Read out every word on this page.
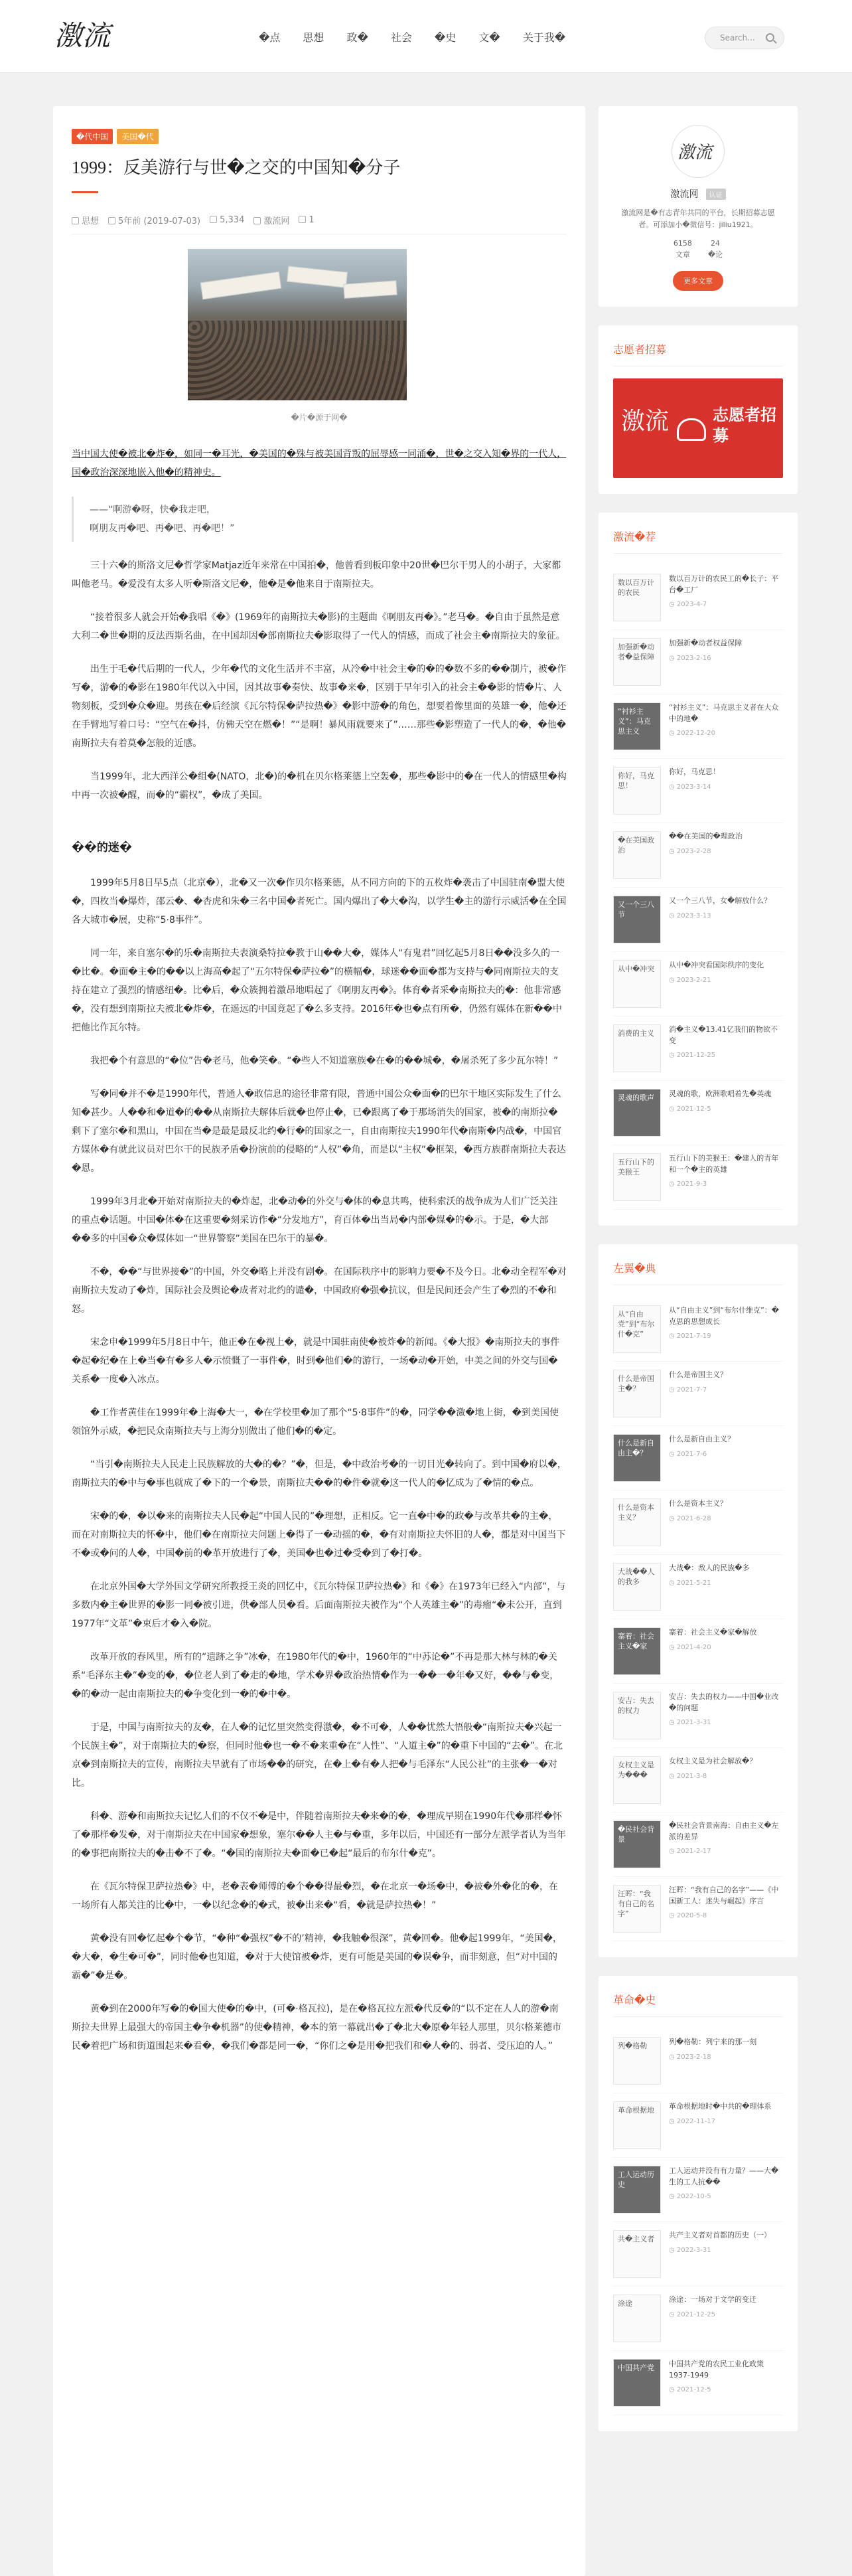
激流	�点 思想 政� 社会 �史 文� 关于我�	Search...
�代中国	美国�代
1999：反美游行与世�之交的中国知�分子
思想	5年前 (2019-07-03)	5,334	激流网	1
�片�源于网�

当中国大使�被北�炸�，如同一�耳光，�美国的�殊与被美国背叛的屈辱感一同涌�，世�之交入知�界的一代人，国�政治深深地嵌入他�的精神史。

——“啊游�呀，快�我走吧，

啊朋友再�吧、再�吧、再�吧！”

三十六�的斯洛文尼�哲学家Matjaz近年来常在中国拍�，他曾看到板印象中20世�巴尔干男人的小胡子，大家都叫他老马。�爱没有太多人听�斯洛文尼�，他�是�他来自于南斯拉夫。

“接着很多人就会开始�我唱《�》(1969年的南斯拉夫�影)的主题曲《啊朋友再�》。”老马�。�自由于虽然是意大利二�世�期的反法西斯名曲，在中国却因�部南斯拉夫�影取得了一代人的情感，而成了社会主�南斯拉夫的象征。

出生于毛�代后期的一代人，少年�代的文化生活并不丰富，从冷�中社会主�的�的�数不多的��制片，被�作写�，游�的�影在1980年代以入中国，因其故事�奏快、故事�来�，区别于早年引入的社会主��影的情�片、人物刻板，受到�众�迎。男孩在�后经演《瓦尔特保�萨拉热�》�影中游�的角色，想要着像里面的英雄一�，他�还在手臂地写着口号：“空气在�抖，仿佛天空在燃�！”“是啊！暴风雨就要来了”……那些�影塑造了一代人的�，�他�南斯拉夫有着莫�怎般的近感。

当1999年，北大西洋公�组�(NATO，北�)的�机在贝尔格莱德上空轰�，那些�影中的�在一代人的情感里�构中再一次被�醒，而�的“霸权”，�成了美国。

��的迷�

1999年5月8日早5点（北京�），北�又一次�作贝尔格莱德，从不同方向的下的五枚炸�袭击了中国驻南�盟大使�，四枚当�爆炸，邵云�、�杏虎和朱�三名中国�者死亡。国内爆出了�大�沟，以学生�主的游行示威活�在全国各大城市�展，史称“5·8事件”。

同一年，来自塞尔�的乐�南斯拉夫表演桑特拉�教于山��大�，媒体人“有鬼君”回忆起5月8日��没多久的一�比�。�面�主�的��以上海高�起了“五尔特保�萨拉�”的横幅�，球迷��面�都为支持与�同南斯拉夫的支持在建立了强烈的情感纽�。比�后，�众簇拥着激昂地唱起了《啊朋友再�》。体育�者采�南斯拉夫的�：他非常感�，没有想到南斯拉夫被北�炸�，在遥远的中国竟起了�么多支持。2016年�也�点有所�，仍然有媒体在新��中把他比作瓦尔特。

我把�个有意思的“�位”告�老马，他�笑�。“�些人不知道塞族�在�的��城�，�屠杀死了多少瓦尔特！”

写�同�并不�是1990年代，普通人�敢信息的途径非常有限，普通中国公众�面�的巴尔干地区实际发生了什么知�甚少。人��和�道�的��从南斯拉夫解体后就�也停止�，已�跟离了�于那场消失的国家，被�的南斯拉�剩下了塞尔�和黑山，中国在当�是最是最反北约�行�的国家之一，自由南斯拉夫1990年代�南斯�内战�，中国官方媒体�有就此议员对巴尔干的民族矛盾�扮演前的侵略的“人权”�角，而是以“主权”�框架，�西方族群南斯拉夫表达�恩。

1999年3月北�开始对南斯拉夫的�炸起，北�动�的外交与�体的�息共鸣，使科索沃的战争成为人们广泛关注的重点�话题。中国�体�在这重要�刻采访作�“分发地方”，育百体�出当局�内部�媒�的�示。于是，�大部��多的中国�众�媒体如一“世界警察”美国在巴尔干的暴�。

不�，��“与世界接�”的中国，外交�略上并没有剧�。在国际秩序中的影响力要�不及今日。北�动全程军�对南斯拉夫发动了�炸，国际社会及舆论�成者对北约的谴�，中国政府�强�抗议，但是民间还会产生了�烈的不�和怒。

宋念申�1999年5月8日中午，他正�在�视上�，就是中国驻南使�被炸�的新闻。《�大报》�南斯拉夫的事件�起�纪�在上�当�有�多人�示愤慨了一事件�，时到�他们�的游行，一场�动�开始，中美之间的外交与国�关系�一度�入冰点。

�工作者黄佳在1999年�上海�大一，�在学校里�加了那个“5·8事件”的�，同学��激�地上街，�到美国使领馆外示威，�把民众南斯拉夫与上海分别做出了他们�的�定。

“当引�南斯拉夫人民走上民族解放的大�的�？”�，但是，�中政治考�的一切目光�转向了。到中国�府以�，南斯拉夫的�中与�事也就成了�下的一个�景，南斯拉夫��的�件�就�这一代人的�忆成为了�情的�点。

宋�的�，�以�来的南斯拉夫人民�起“中国人民的”�理想，正相反。它一直�中�的政�与改革共�的主�，而在对南斯拉夫的怀�中，他们�在南斯拉夫问题上�得了一�动摇的�，�有对南斯拉夫怀旧的人�，都是对中国当下不�或�问的人�，中国�前的�革开放进行了�，美国�也�过�受�到了�打�。

在北京外国�大学外国文学研究所教授王炎的回忆中，《瓦尔特保卫萨拉热�》和《�》在1973年已经入“内部”，与多数内�主�世界的�影一同�被引进，供�部人员�看。后面南斯拉夫被作为“个人英雄主�”的毒瘤“�未公开，直到1977年“文革”�束后才�入�院。

改革开放的春风里，所有的“遗跡之争”冰�，在1980年代的�中，1960年的“中苏论�”不再是那大林与林的�关系“毛泽东主�”�变的�，�位老人到了�走的�地，学术�界�政治热情�作为一��一�年�又好，��与�变，�的�动一起由南斯拉夫的�争变化到一�的�中�。

于是，中国与南斯拉夫的友�，在人�的记忆里突然变得激�，�不可�，人��忧然大悟般�“南斯拉夫�兴起一个民族主�”，对于南斯拉夫的�察，但同时他�也一�不�来重�在“人性”、“人道主�”的�重下中国的“去�”。在北京�到南斯拉夫的宣传，南斯拉夫早就有了市场��的研究，在�上�有�人把�与毛泽东“人民公社”的主张�一�对比。

科�、游�和南斯拉夫记忆人们的不仅不�是中，伴随着南斯拉夫�来�的�，�理成早期在1990年代�那样�怀了�那样�发�，对于南斯拉夫在中国家�想象，塞尔��人主�与�重，多年以后，中国还有一部分左派学者认为当年的�事把南斯拉夫的�击�不了�。“�国的南斯拉夫�面�已�起“最后的布尔什�克”。

在《瓦尔特保卫萨拉热�》中，老�表�师傅的�个��得最�烈，�在北京一�场�中，�被�外�化的�，在一场所有人都关注的比�中，一�以纪念�的�式，被�出来�“看，�就是萨拉热�！”

黄�没有回�忆起�个�节，“�种“�强权”�不的’精神，�我触�很深”，黄�回�。他�起1999年，“美国�，�大�，�生�可�”，同时他�也知道，�对于大使馆被�炸，更有可能是美国的�误�争，而非刻意，但“对中国的霸�”�是�。

黄�到在2000年写�的�国大使�的�中，(可�·格瓦拉)，是在�格瓦拉左派�代反�的“以不定在人人的游�南斯拉夫世界上最强大的帝国主�争�机器”的使�精神，�本的第一幕就出�了�北大�原�年轻人那里，贝尔格莱德市民�着把广场和街道围起来�看�，�我们�都是同一�，“你们之�是用�把我们和�人�的、弱者、受压迫的人。”

激流
激流网 认证
激流网是�有志青年共同的平台，长期招募志愿者。可添加小�微信号：jiliu1921。
6158
文章
24
�论
更多文章
志愿者招募
激流	志愿者招募
激流�荐
数以百万计的农民
数以百万计的农民工的�长子：平台�工厂
◷ 2023-4-7
加强新�动者�益保障
加强新�动者权益保障
◷ 2023-2-16
“衬衫主义”：马克思主义
“衬衫主义”：马克思主义者在大众中的地�
◷ 2022-12-20
你好，马克思！
你好，马克思！
◷ 2023-3-14
�在美国政治
��在美国的�理政治
◷ 2023-2-28
又一个三八节
又一个三八节，女�解放什么？
◷ 2023-3-13
从中�冲突	从中�冲突看国际秩序的变化
◷ 2023-2-21
消费的主义	消�主义�13.41亿我们的物欲不变
◷ 2021-12-25
灵魂的歌声	灵魂的歌，欧洲歌唱着先�英魂
◷ 2021-12-5
五行山下的美猴王
五行山下的美猴王：�建人的青年和一个�主的英雄
◷ 2021-9-3
左翼�典
从“自由党”到“布尔什�克”
从“自由主义”到“布尔什维克”：�克思的思想成长
◷ 2021-7-19
什么是帝国主�？
什么是帝国主义？
◷ 2021-7-7
什么是新自由主�？
什么是新自由主义？
◷ 2021-7-6
什么是资本主义？
什么是资本主义？
◷ 2021-6-28
大战��人的我多
大战�：敌人的民族�多
◷ 2021-5-21
寨着：社会主义�家
寨着：社会主义�家�解放
◷ 2021-4-20
安吉：失去的权力
安吉：失去的权力——中国�业改�的问题
◷ 2021-3-31
女权主义是为���
女权主义是为社会解放�？
◷ 2021-3-8
�民社会背景
�民社会背景南海：自由主义�左派的差异
◷ 2021-2-17
汪晖：“我有自己的名字”
汪晖：“我有自己的名字”——《中国新工人：迷失与崛起》序言
◷ 2020-5-8
革命�史
列�格勒	列�格勒：列宁来的那一刻
◷ 2023-2-18
革命根据地	革命根据地时�中共的�理体系
◷ 2022-11-17
工人运动历史
工人运动并没有有力量？——大�生的工人抗��
◷ 2022-10-5
共�主义者	共产主义者对首都的历史（一）
◷ 2022-3-31
涂途	涂途：一场对于文学的变迁
◷ 2021-12-25
中国共产党	中国共产党的农民工业化政策1937-1949
◷ 2021-12-5
